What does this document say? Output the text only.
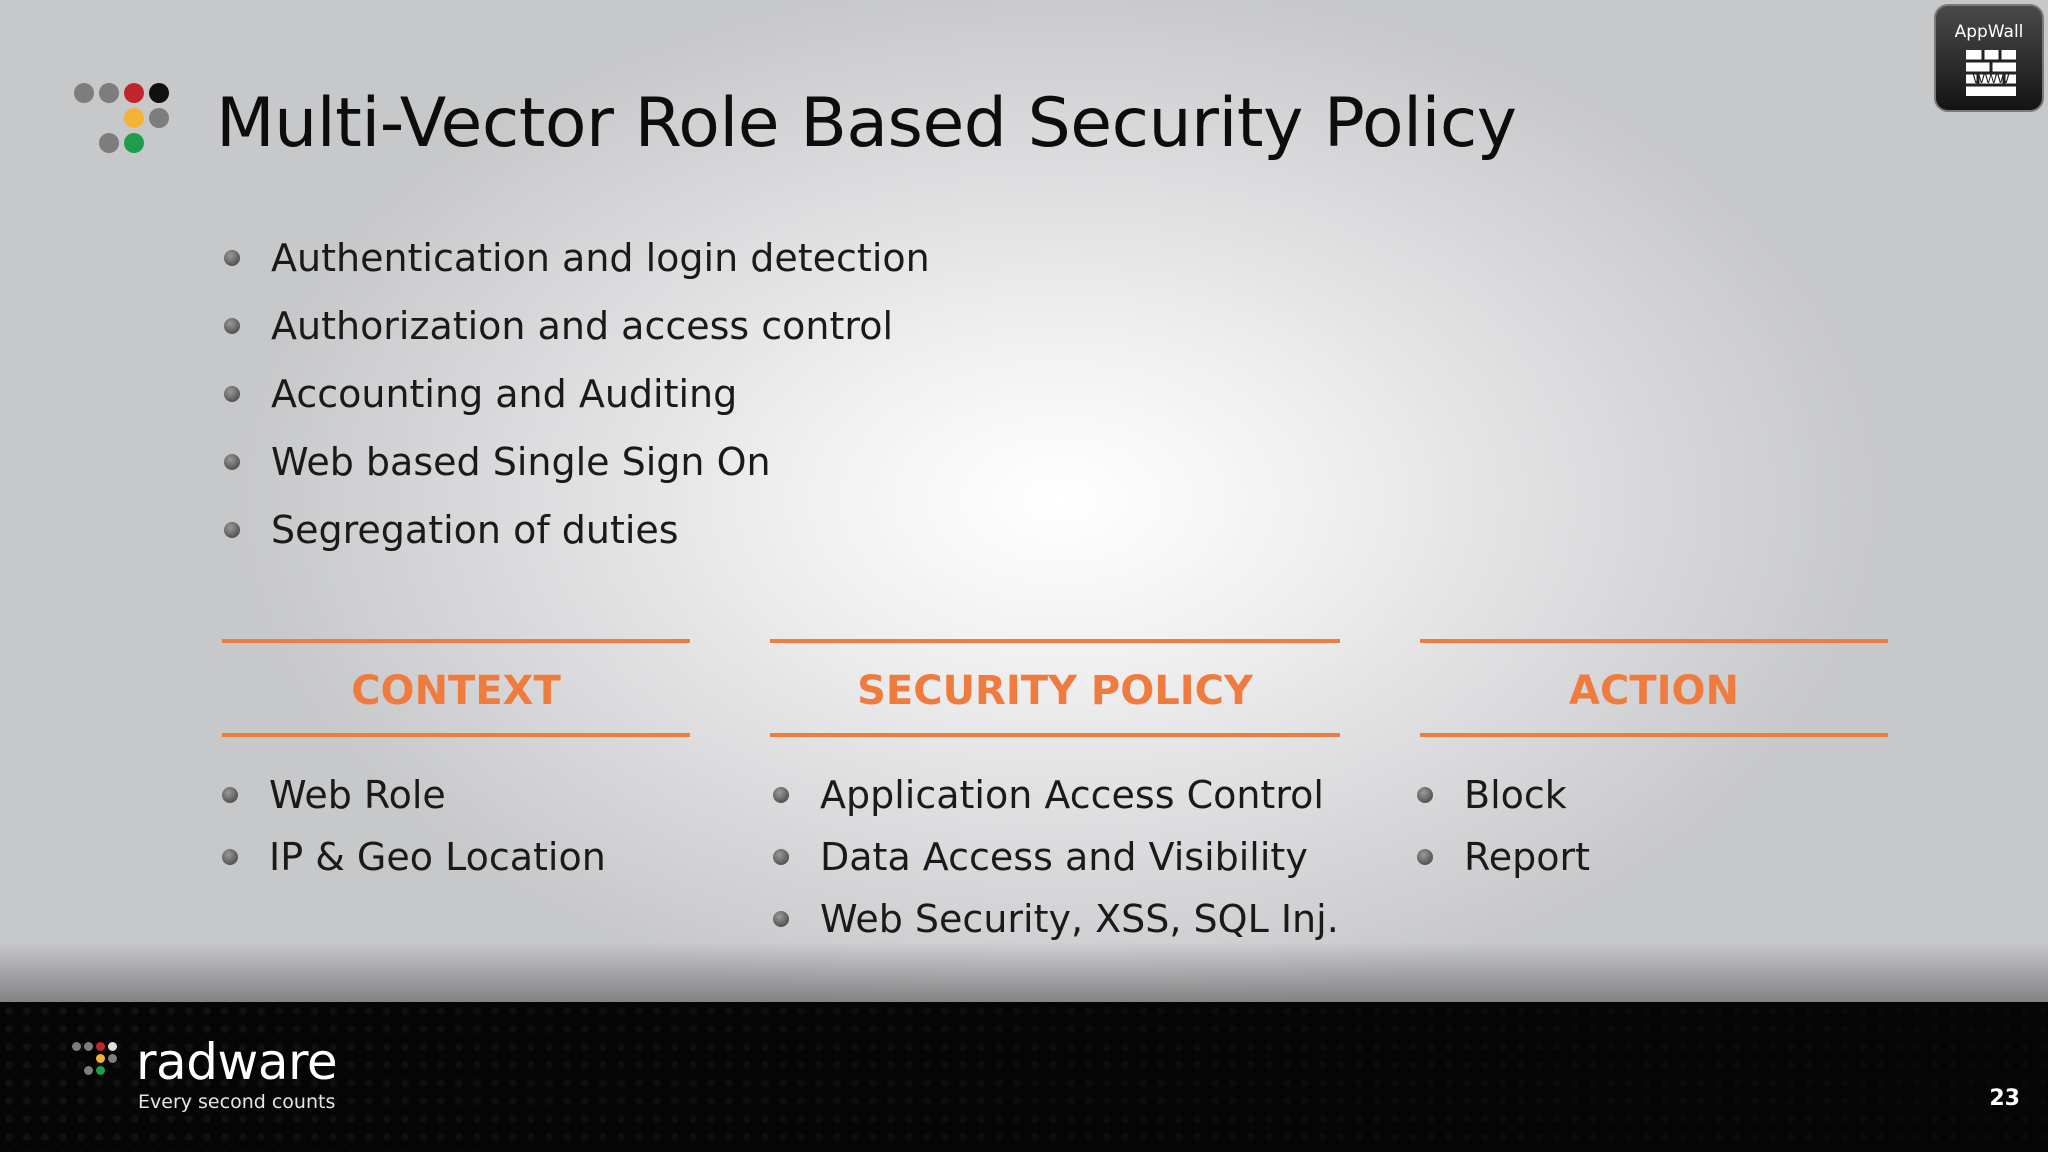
Multi-Vector Role Based Security Policy
AppWall
WWW
Authentication and login detection
Authorization and access control
Accounting and Auditing
Web based Single Sign On
Segregation of duties
CONTEXT
Web Role
IP & Geo Location
SECURITY POLICY
Application Access Control
Data Access and Visibility
Web Security, XSS, SQL Inj.
ACTION
Block
Report
radware
Every second counts	23
